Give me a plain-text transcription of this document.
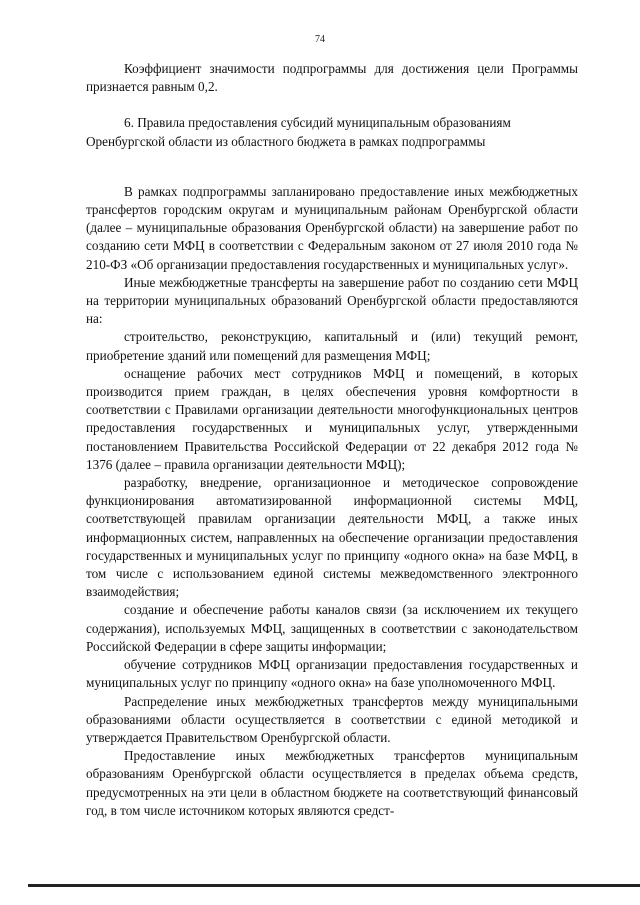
74

Коэффициент значимости подпрограммы для достижения цели Программы признается равным 0,2.

6. Правила предоставления субсидий муниципальным образованиям Оренбургской области из областного бюджета в рамках подпрограммы

В рамках подпрограммы запланировано предоставление иных межбюджетных трансфертов городским округам и муниципальным районам Оренбургской области (далее – муниципальные образования Оренбургской области) на завершение работ по созданию сети МФЦ в соответствии с Федеральным законом от 27 июля 2010 года № 210-ФЗ «Об организации предоставления государственных и муниципальных услуг».

Иные межбюджетные трансферты на завершение работ по созданию сети МФЦ на территории муниципальных образований Оренбургской области предоставляются на:

строительство, реконструкцию, капитальный и (или) текущий ремонт, приобретение зданий или помещений для размещения МФЦ;

оснащение рабочих мест сотрудников МФЦ и помещений, в которых производится прием граждан, в целях обеспечения уровня комфортности в соответствии с Правилами организации деятельности многофункциональных центров предоставления государственных и муниципальных услуг, утвержденными постановлением Правительства Российской Федерации от 22 декабря 2012 года № 1376 (далее – правила организации деятельности МФЦ);

разработку, внедрение, организационное и методическое сопровождение функционирования автоматизированной информационной системы МФЦ, соответствующей правилам организации деятельности МФЦ, а также иных информационных систем, направленных на обеспечение организации предоставления государственных и муниципальных услуг по принципу «одного окна» на базе МФЦ, в том числе с использованием единой системы межведомственного электронного взаимодействия;

создание и обеспечение работы каналов связи (за исключением их текущего содержания), используемых МФЦ, защищенных в соответствии с законодательством Российской Федерации в сфере защиты информации;

обучение сотрудников МФЦ организации предоставления государственных и муниципальных услуг по принципу «одного окна» на базе уполномоченного МФЦ.

Распределение иных межбюджетных трансфертов между муниципальными образованиями области осуществляется в соответствии с единой методикой и утверждается Правительством Оренбургской области.

Предоставление иных межбюджетных трансфертов муниципальным образованиям Оренбургской области осуществляется в пределах объема средств, предусмотренных на эти цели в областном бюджете на соответствующий финансовый год, в том числе источником которых являются средст-
